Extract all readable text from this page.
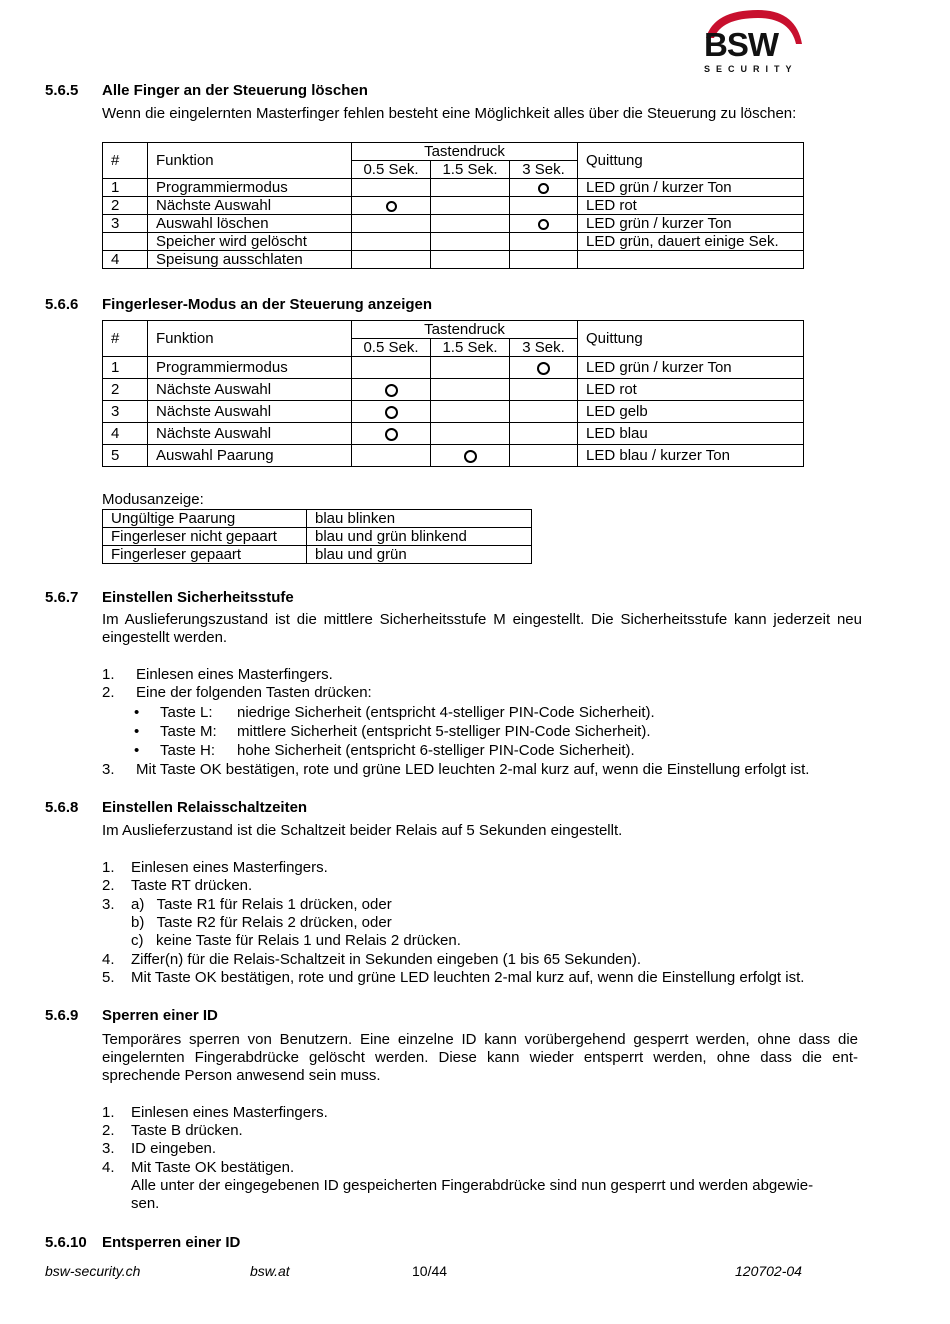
BSW
SECURITY
5.6.5 Alle Finger an der Steuerung löschen
Wenn die eingelernten Masterfinger fehlen besteht eine Möglichkeit alles über die Steuerung zu löschen:
#	Funktion	Tastendruck			Quittung
		0.5 Sek.	1.5 Sek.	3 Sek.	
1	Programmiermodus				LED grün / kurzer Ton
2	Nächste Auswahl				LED rot
3	Auswahl löschen				LED grün / kurzer Ton
	Speicher wird gelöscht				LED grün, dauert einige Sek.
4	Speisung ausschlaten				
5.6.6 Fingerleser-Modus an der Steuerung anzeigen
#	Funktion	Tastendruck			Quittung
		0.5 Sek.	1.5 Sek.	3 Sek.	
1	Programmiermodus				LED grün / kurzer Ton
2	Nächste Auswahl				LED rot
3	Nächste Auswahl				LED gelb
4	Nächste Auswahl				LED blau
5	Auswahl Paarung				LED blau / kurzer Ton
Modusanzeige:
Ungültige Paarung	blau blinken
Fingerleser nicht gepaart	blau und grün blinkend
Fingerleser gepaart	blau und grün
5.6.7 Einstellen Sicherheitsstufe
Im Auslieferungszustand ist die mittlere Sicherheitsstufe M eingestellt. Die Sicherheitsstufe kann jederzeit neu eingestellt werden.
1. Einlesen eines Masterfingers.
2. Eine der folgenden Tasten drücken:
• Taste L: niedrige Sicherheit (entspricht 4-stelliger PIN-Code Sicherheit).
• Taste M: mittlere Sicherheit (entspricht 5-stelliger PIN-Code Sicherheit).
• Taste H: hohe Sicherheit (entspricht 6-stelliger PIN-Code Sicherheit).
3. Mit Taste OK bestätigen, rote und grüne LED leuchten 2-mal kurz auf, wenn die Einstellung erfolgt ist.
5.6.8 Einstellen Relaisschaltzeiten
Im Auslieferzustand ist die Schaltzeit beider Relais auf 5 Sekunden eingestellt.
1. Einlesen eines Masterfingers.
2. Taste RT drücken.
3. a)   Taste R1 für Relais 1 drücken, oder
b)   Taste R2 für Relais 2 drücken, oder
c)   keine Taste für Relais 1 und Relais 2 drücken.
4. Ziffer(n) für die Relais-Schaltzeit in Sekunden eingeben (1 bis 65 Sekunden).
5. Mit Taste OK bestätigen, rote und grüne LED leuchten 2-mal kurz auf, wenn die Einstellung erfolgt ist.
5.6.9 Sperren einer ID
Temporäres sperren von Benutzern. Eine einzelne ID kann vorübergehend gesperrt werden, ohne dass die eingelernten Fingerabdrücke gelöscht werden. Diese kann wieder entsperrt werden, ohne dass die ent-sprechende Person anwesend sein muss.
1. Einlesen eines Masterfingers.
2. Taste B drücken.
3. ID eingeben.
4. Mit Taste OK bestätigen.
Alle unter der eingegebenen ID gespeicherten Fingerabdrücke sind nun gesperrt und werden abgewie-
sen.
5.6.10 Entsperren einer ID
bsw-security.ch	bsw.at	10/44	120702-04
